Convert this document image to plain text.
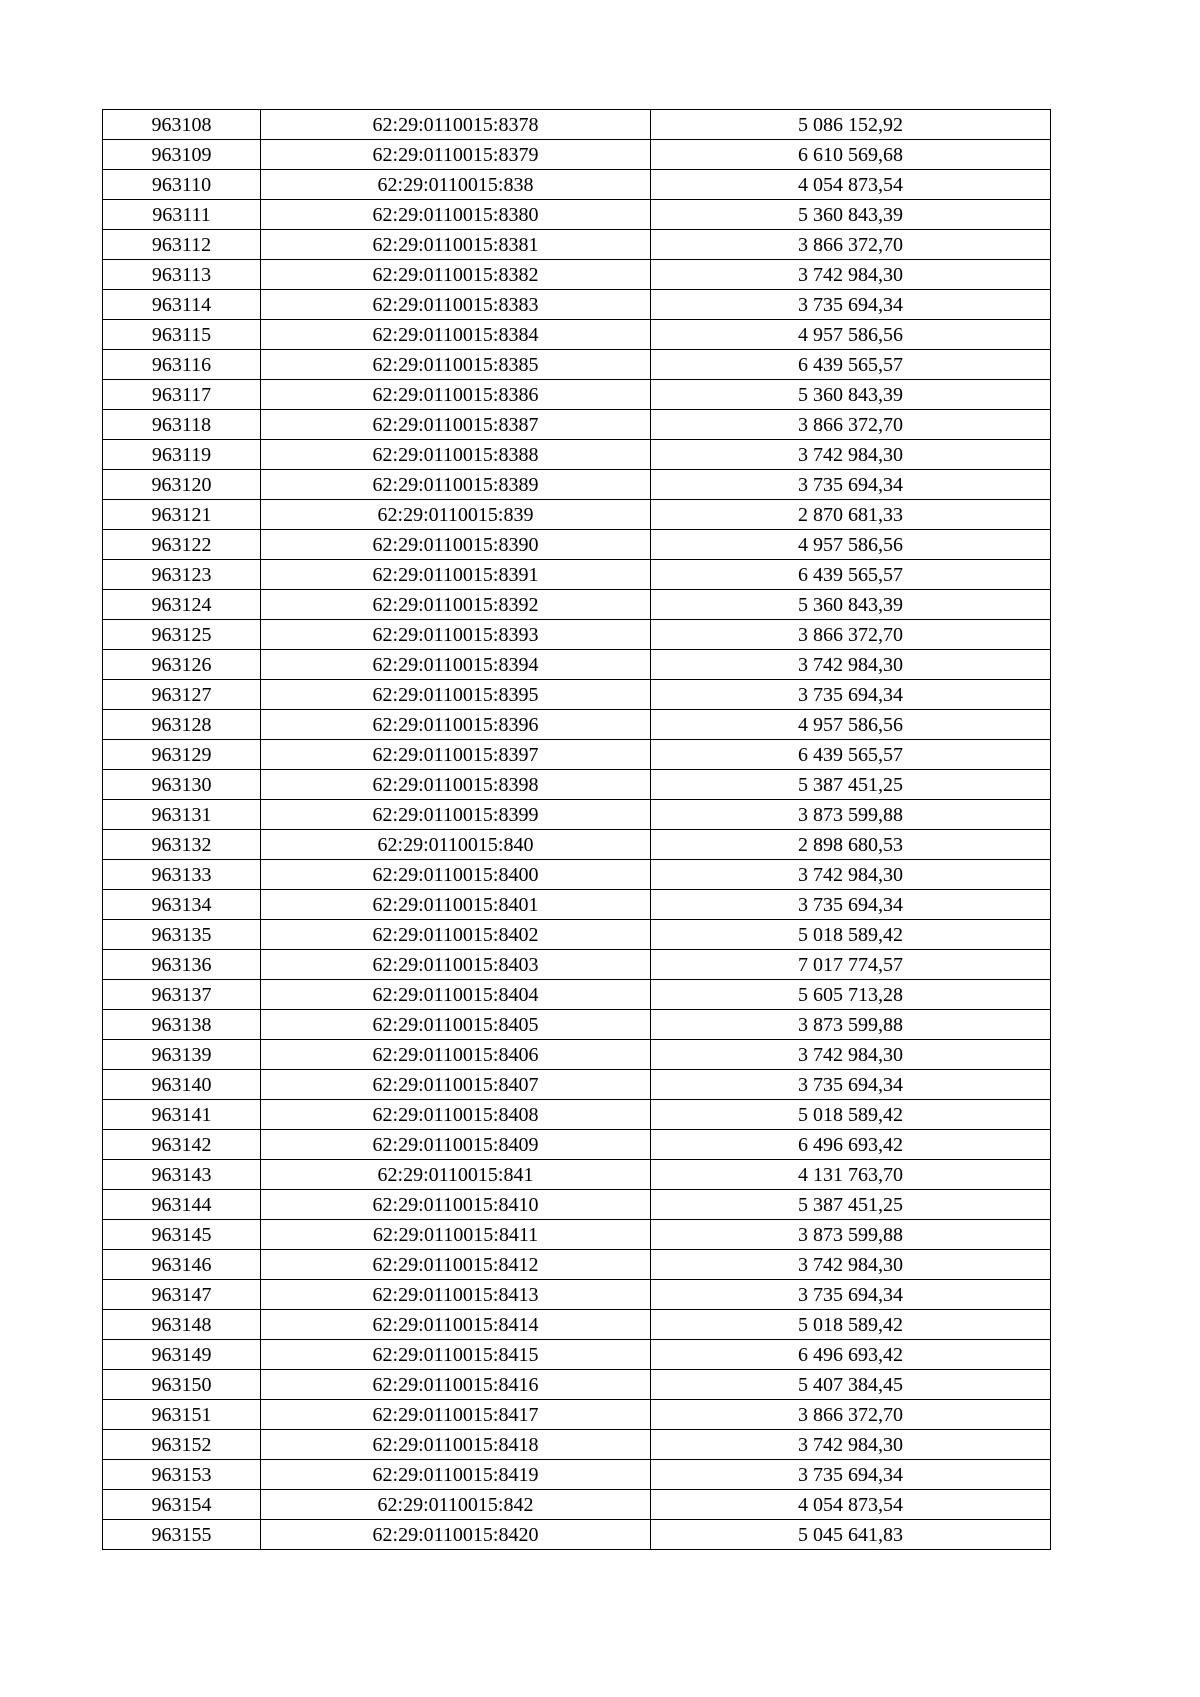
963108	62:29:0110015:8378	5 086 152,92
963109	62:29:0110015:8379	6 610 569,68
963110	62:29:0110015:838	4 054 873,54
963111	62:29:0110015:8380	5 360 843,39
963112	62:29:0110015:8381	3 866 372,70
963113	62:29:0110015:8382	3 742 984,30
963114	62:29:0110015:8383	3 735 694,34
963115	62:29:0110015:8384	4 957 586,56
963116	62:29:0110015:8385	6 439 565,57
963117	62:29:0110015:8386	5 360 843,39
963118	62:29:0110015:8387	3 866 372,70
963119	62:29:0110015:8388	3 742 984,30
963120	62:29:0110015:8389	3 735 694,34
963121	62:29:0110015:839	2 870 681,33
963122	62:29:0110015:8390	4 957 586,56
963123	62:29:0110015:8391	6 439 565,57
963124	62:29:0110015:8392	5 360 843,39
963125	62:29:0110015:8393	3 866 372,70
963126	62:29:0110015:8394	3 742 984,30
963127	62:29:0110015:8395	3 735 694,34
963128	62:29:0110015:8396	4 957 586,56
963129	62:29:0110015:8397	6 439 565,57
963130	62:29:0110015:8398	5 387 451,25
963131	62:29:0110015:8399	3 873 599,88
963132	62:29:0110015:840	2 898 680,53
963133	62:29:0110015:8400	3 742 984,30
963134	62:29:0110015:8401	3 735 694,34
963135	62:29:0110015:8402	5 018 589,42
963136	62:29:0110015:8403	7 017 774,57
963137	62:29:0110015:8404	5 605 713,28
963138	62:29:0110015:8405	3 873 599,88
963139	62:29:0110015:8406	3 742 984,30
963140	62:29:0110015:8407	3 735 694,34
963141	62:29:0110015:8408	5 018 589,42
963142	62:29:0110015:8409	6 496 693,42
963143	62:29:0110015:841	4 131 763,70
963144	62:29:0110015:8410	5 387 451,25
963145	62:29:0110015:8411	3 873 599,88
963146	62:29:0110015:8412	3 742 984,30
963147	62:29:0110015:8413	3 735 694,34
963148	62:29:0110015:8414	5 018 589,42
963149	62:29:0110015:8415	6 496 693,42
963150	62:29:0110015:8416	5 407 384,45
963151	62:29:0110015:8417	3 866 372,70
963152	62:29:0110015:8418	3 742 984,30
963153	62:29:0110015:8419	3 735 694,34
963154	62:29:0110015:842	4 054 873,54
963155	62:29:0110015:8420	5 045 641,83
